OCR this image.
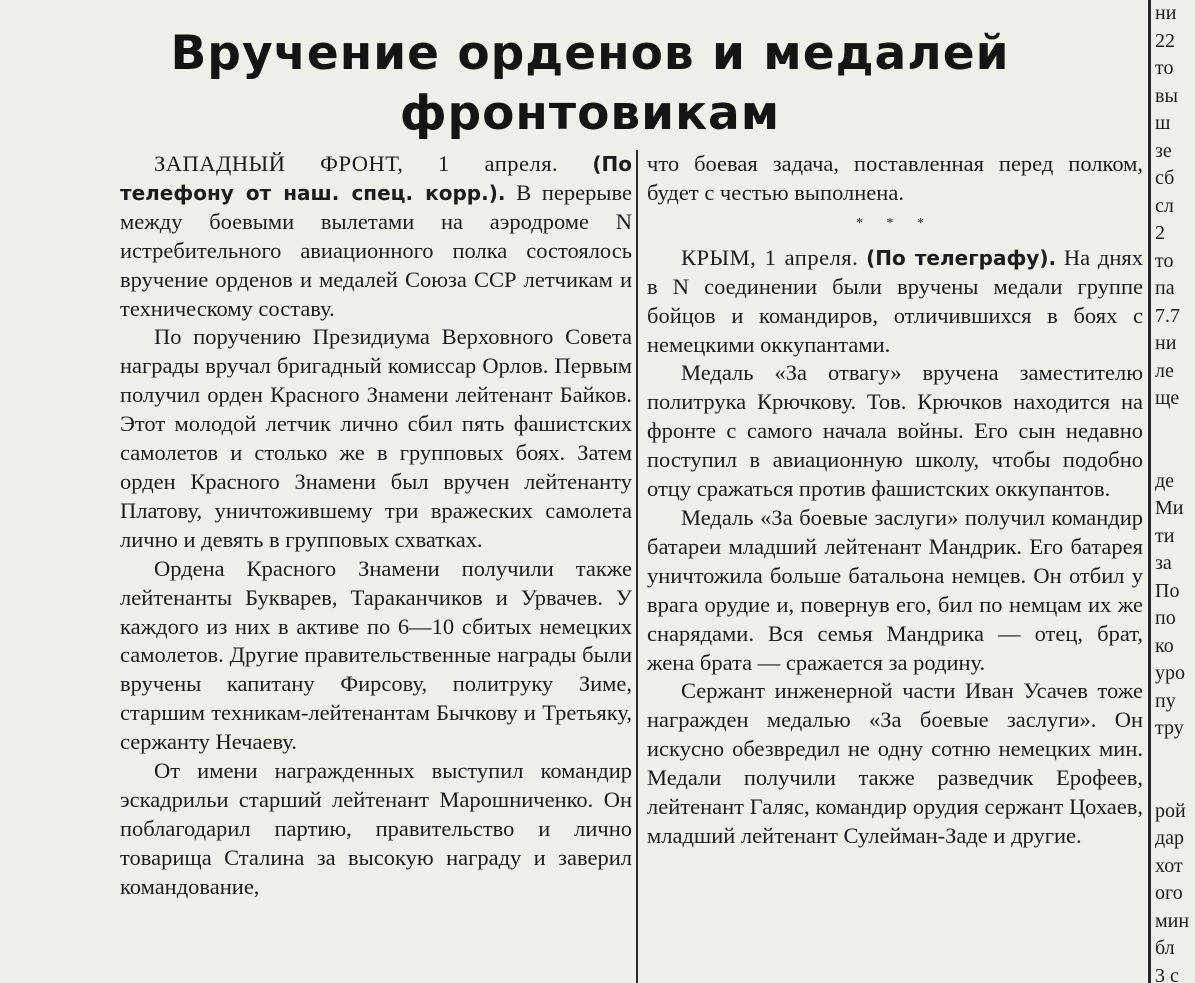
Вручение орденов и медалей
фронтовикам

ЗАПАДНЫЙ ФРОНТ, 1 апреля. (По телефону от наш. спец. корр.). В перерыве между боевыми вылетами на аэродроме N истребительного авиационного полка состоялось вручение орденов и медалей Союза ССР летчикам и техническому составу.

По поручению Президиума Верховного Совета награды вручал бригадный комиссар Орлов. Первым получил орден Красного Знамени лейтенант Байков. Этот молодой летчик лично сбил пять фашистских самолетов и столько же в групповых боях. Затем орден Красного Знамени был вручен лейтенанту Платову, уничтожившему три вражеских самолета лично и девять в групповых схватках.

Ордена Красного Знамени получили также лейтенанты Букварев, Тараканчиков и Урвачев. У каждого из них в активе по 6—10 сбитых немецких самолетов. Другие правительственные награды были вручены капитану Фирсову, политруку Зиме, старшим техникам-лейтенантам Бычкову и Третьяку, сержанту Нечаеву.

От имени награжденных выступил командир эскадрильи старший лейтенант Марошниченко. Он поблагодарил партию, правительство и лично товарища Сталина за высокую награду и заверил командование,

что боевая задача, поставленная перед полком, будет с честью выполнена.

* * *

КРЫМ, 1 апреля. (По телеграфу). На днях в N соединении были вручены медали группе бойцов и командиров, отличившихся в боях с немецкими оккупантами.

Медаль «За отвагу» вручена заместителю политрука Крючкову. Тов. Крючков находится на фронте с самого начала войны. Его сын недавно поступил в авиационную школу, чтобы подобно отцу сражаться против фашистских оккупантов.

Медаль «За боевые заслуги» получил командир батареи младший лейтенант Мандрик. Его батарея уничтожила больше батальона немцев. Он отбил у врага орудие и, повернув его, бил по немцам их же снарядами. Вся семья Мандрика — отец, брат, жена брата — сражается за родину.

Сержант инженерной части Иван Усачев тоже награжден медалью «За боевые заслуги». Он искусно обезвредил не одну сотню немецких мин. Медали получили также разведчик Ерофеев, лейтенант Галяс, командир орудия сержант Цохаев, младший лейтенант Сулейман-Заде и другие.

ни
22
то
вы
ш
зе
сб
сл
2
то
па
7.7
ни
ле
ще

де
Ми
ти
за
По
по
ко
уро
пу
тру

рой
дар
хот
ого
мин
бл
3 с
